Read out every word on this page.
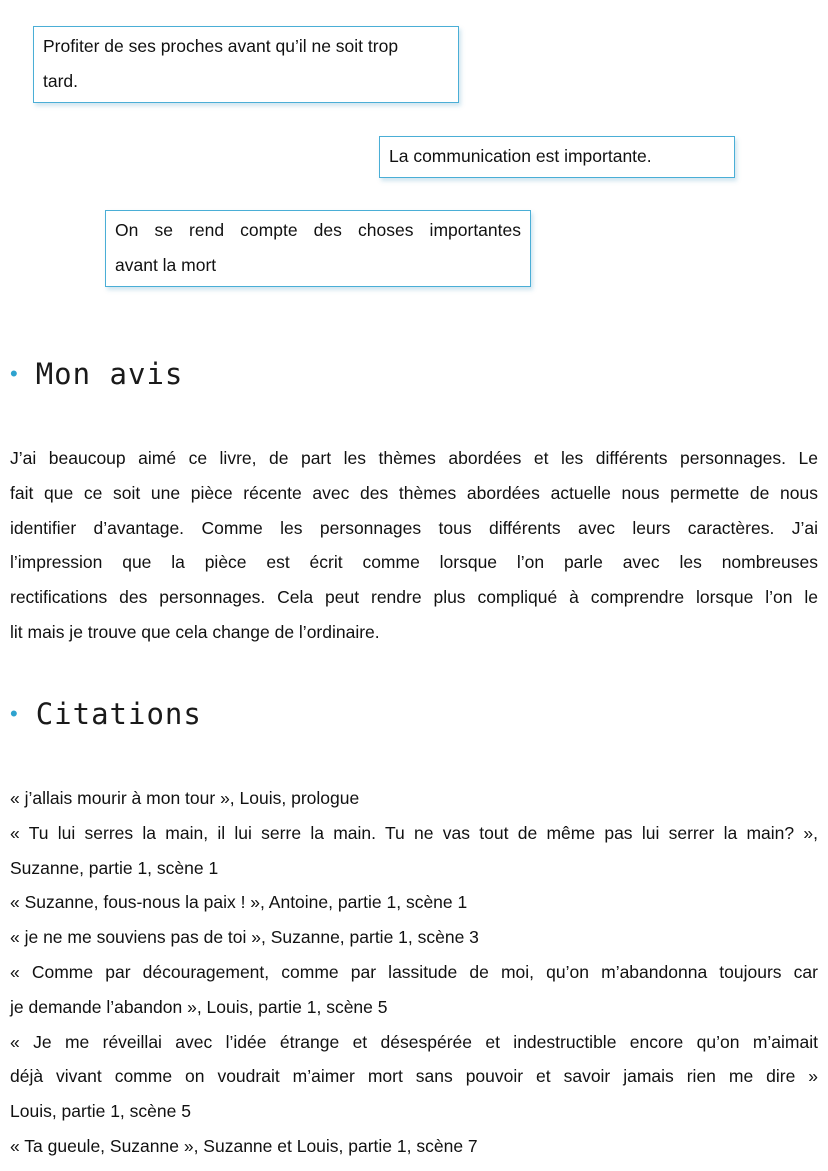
Profiter de ses proches avant qu’il ne soit trop
tard.
La communication est importante.
On se rend compte des choses importantes
avant la mort
• Mon avis
J’ai beaucoup aimé ce livre, de part les thèmes abordées et les différents personnages. Le
fait que ce soit une pièce récente avec des thèmes abordées actuelle nous permette de nous
identifier d’avantage. Comme les personnages tous différents avec leurs caractères. J’ai
l’impression que la pièce est écrit comme lorsque l’on parle avec les nombreuses
rectifications des personnages. Cela peut rendre plus compliqué à comprendre lorsque l’on le
lit mais je trouve que cela change de l’ordinaire.
• Citations
« j’allais mourir à mon tour », Louis, prologue
« Tu lui serres la main, il lui serre la main. Tu ne vas tout de même pas lui serrer la main? »,
Suzanne, partie 1, scène 1
« Suzanne, fous-nous la paix ! », Antoine, partie 1, scène 1
« je ne me souviens pas de toi », Suzanne, partie 1, scène 3
« Comme par découragement, comme par lassitude de moi, qu’on m’abandonna toujours car
je demande l’abandon », Louis, partie 1, scène 5
« Je me réveillai avec l’idée étrange et désespérée et indestructible encore qu’on m’aimait
déjà vivant comme on voudrait m’aimer mort sans pouvoir et savoir jamais rien me dire »
Louis, partie 1, scène 5
« Ta gueule, Suzanne », Suzanne et Louis, partie 1, scène 7
